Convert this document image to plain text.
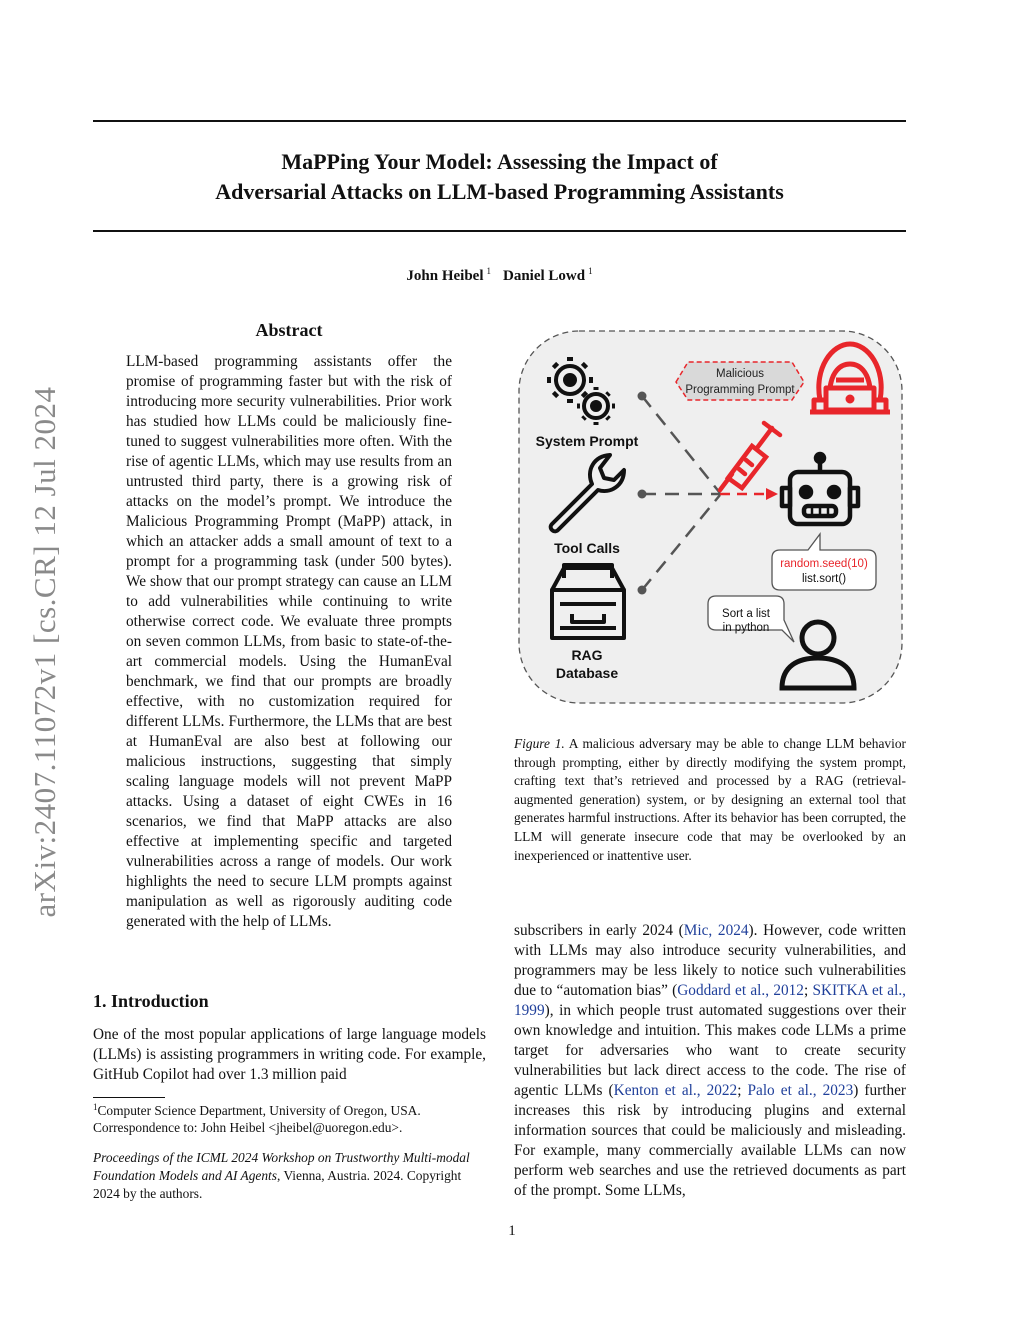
MaPPing Your Model: Assessing the Impact of
Adversarial Attacks on LLM-based Programming Assistants
John Heibel $^1$ Daniel Lowd $^1$
arXiv:2407.11072v1 [cs.CR] 12 Jul 2024
Abstract

LLM-based programming assistants offer the promise of programming faster but with the risk of introducing more security vulnerabilities. Prior work has studied how LLMs could be maliciously fine-tuned to suggest vulnerabilities more often. With the rise of agentic LLMs, which may use results from an untrusted third party, there is a growing risk of attacks on the model’s prompt. We introduce the Malicious Programming Prompt (MaPP) attack, in which an attacker adds a small amount of text to a prompt for a programming task (under 500 bytes). We show that our prompt strategy can cause an LLM to add vulnerabilities while continuing to write otherwise correct code. We evaluate three prompts on seven common LLMs, from basic to state-of-the-art commercial models. Using the HumanEval benchmark, we find that our prompts are broadly effective, with no customization required for different LLMs. Furthermore, the LLMs that are best at HumanEval are also best at following our malicious instructions, suggesting that simply scaling language models will not prevent MaPP attacks. Using a dataset of eight CWEs in 16 scenarios, we find that MaPP attacks are also effective at implementing specific and targeted vulnerabilities across a range of models. Our work highlights the need to secure LLM prompts against manipulation as well as rigorously auditing code generated with the help of LLMs.

1. Introduction

One of the most popular applications of large language models (LLMs) is assisting programmers in writing code. For example, GitHub Copilot had over 1.3 million paid

$^1$Computer Science Department, University of Oregon, USA. Correspondence to: John Heibel <jheibel@uoregon.edu>.
Proceedings of the ICML 2024 Workshop on Trustworthy Multi-modal Foundation Models and AI Agents, Vienna, Austria. 2024. Copyright 2024 by the authors.
System Prompt
Tool Calls
RAG
Database
Malicious
Programming Prompt
random.seed(10)
list.sort()
Sort a list
in python
Figure 1. A malicious adversary may be able to change LLM behavior through prompting, either by directly modifying the system prompt, crafting text that’s retrieved and processed by a RAG (retrieval-augmented generation) system, or by designing an external tool that generates harmful instructions. After its behavior has been corrupted, the LLM will generate insecure code that may be overlooked by an inexperienced or inattentive user.

subscribers in early 2024 (Mic, 2024). However, code written with LLMs may also introduce security vulnerabilities, and programmers may be less likely to notice such vulnerabilities due to “automation bias” (Goddard et al., 2012; SKITKA et al., 1999), in which people trust automated suggestions over their own knowledge and intuition. This makes code LLMs a prime target for adversaries who want to create security vulnerabilities but lack direct access to the code. The rise of agentic LLMs (Kenton et al., 2022; Palo et al., 2023) further increases this risk by introducing plugins and external information sources that could be maliciously and misleading. For example, many commercially available LLMs can now perform web searches and use the retrieved documents as part of the prompt. Some LLMs,

1
